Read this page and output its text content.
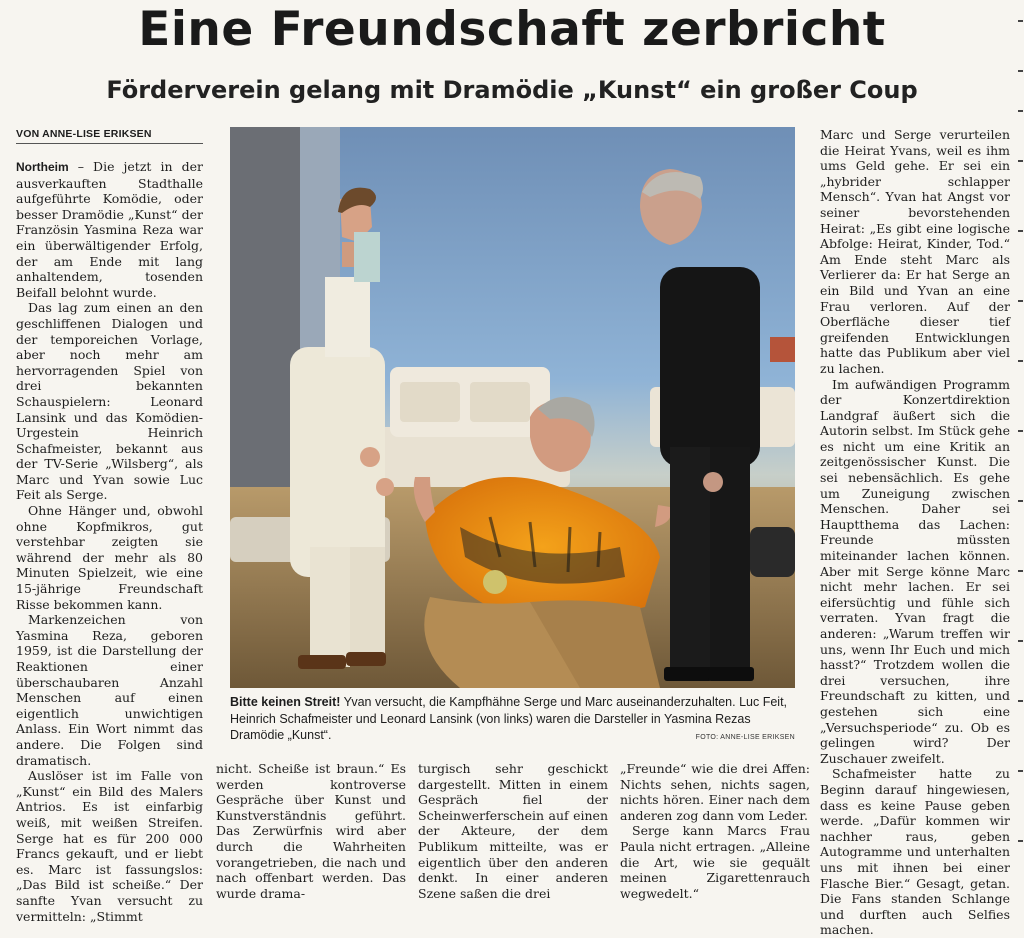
Eine Freundschaft zerbricht
Förderverein gelang mit Dramödie „Kunst“ ein großer Coup
VON ANNE-LISE ERIKSEN

Northeim – Die jetzt in der ausverkauften Stadthalle aufgeführte Komödie, oder besser Dramödie „Kunst“ der Französin Yasmina Reza war ein überwältigender Erfolg, der am Ende mit lang anhaltendem, tosenden Beifall belohnt wurde.

Das lag zum einen an den geschliffenen Dialogen und der temporeichen Vorlage, aber noch mehr am hervorragenden Spiel von drei bekannten Schauspielern: Leonard Lansink und das Komödien-Urgestein Heinrich Schafmeister, bekannt aus der TV-Serie „Wilsberg“, als Marc und Yvan sowie Luc Feit als Serge.

Ohne Hänger und, obwohl ohne Kopfmikros, gut verstehbar zeigten sie während der mehr als 80 Minuten Spielzeit, wie eine 15-jährige Freundschaft Risse bekommen kann.

Markenzeichen von Yasmina Reza, geboren 1959, ist die Darstellung der Reaktionen einer überschaubaren Anzahl Menschen auf einen eigentlich unwichtigen Anlass. Ein Wort nimmt das andere. Die Folgen sind dramatisch.

Auslöser ist im Falle von „Kunst“ ein Bild des Malers Antrios. Es ist einfarbig weiß, mit weißen Streifen. Serge hat es für 200 000 Francs gekauft, und er liebt es. Marc ist fassungslos: „Das Bild ist scheiße.“ Der sanfte Yvan versucht zu vermitteln: „Stimmt

Bitte keinen Streit! Yvan versucht, die Kampfhähne Serge und Marc auseinanderzuhalten. Luc Feit, Heinrich Schafmeister und Leonard Lansink (von links) waren die Darsteller in Yasmina Rezas Dramödie „Kunst“.	FOTO: ANNE-LISE ERIKSEN

nicht. Scheiße ist braun.“ Es werden kontroverse Gespräche über Kunst und Kunstverständnis geführt. Das Zerwürfnis wird aber durch die Wahrheiten vorangetrieben, die nach und nach offenbart werden. Das wurde drama-

turgisch sehr geschickt dargestellt. Mitten in einem Gespräch fiel der Scheinwerferschein auf einen der Akteure, der dem Publikum mitteilte, was er eigentlich über den anderen denkt. In einer anderen Szene saßen die drei

„Freunde“ wie die drei Affen: Nichts sehen, nichts sagen, nichts hören. Einer nach dem anderen zog dann vom Leder.

Serge kann Marcs Frau Paula nicht ertragen. „Alleine die Art, wie sie gequält meinen Zigarettenrauch wegwedelt.“

Marc und Serge verurteilen die Heirat Yvans, weil es ihm ums Geld gehe. Er sei ein „hybrider schlapper Mensch“. Yvan hat Angst vor seiner bevorstehenden Heirat: „Es gibt eine logische Abfolge: Heirat, Kinder, Tod.“ Am Ende steht Marc als Verlierer da: Er hat Serge an ein Bild und Yvan an eine Frau verloren. Auf der Oberfläche dieser tief greifenden Entwicklungen hatte das Publikum aber viel zu lachen.

Im aufwändigen Programm der Konzertdirektion Landgraf äußert sich die Autorin selbst. Im Stück gehe es nicht um eine Kritik an zeitgenössischer Kunst. Die sei nebensächlich. Es gehe um Zuneigung zwischen Menschen. Daher sei Hauptthema das Lachen: Freunde müssten miteinander lachen können. Aber mit Serge könne Marc nicht mehr lachen. Er sei eifersüchtig und fühle sich verraten. Yvan fragt die anderen: „Warum treffen wir uns, wenn Ihr Euch und mich hasst?“ Trotzdem wollen die drei versuchen, ihre Freundschaft zu kitten, und gestehen sich eine „Versuchsperiode“ zu. Ob es gelingen wird? Der Zuschauer zweifelt.

Schafmeister hatte zu Beginn darauf hingewiesen, dass es keine Pause geben werde. „Dafür kommen wir nachher raus, geben Autogramme und unterhalten uns mit ihnen bei einer Flasche Bier.“ Gesagt, getan. Die Fans standen Schlange und durften auch Selfies machen.
